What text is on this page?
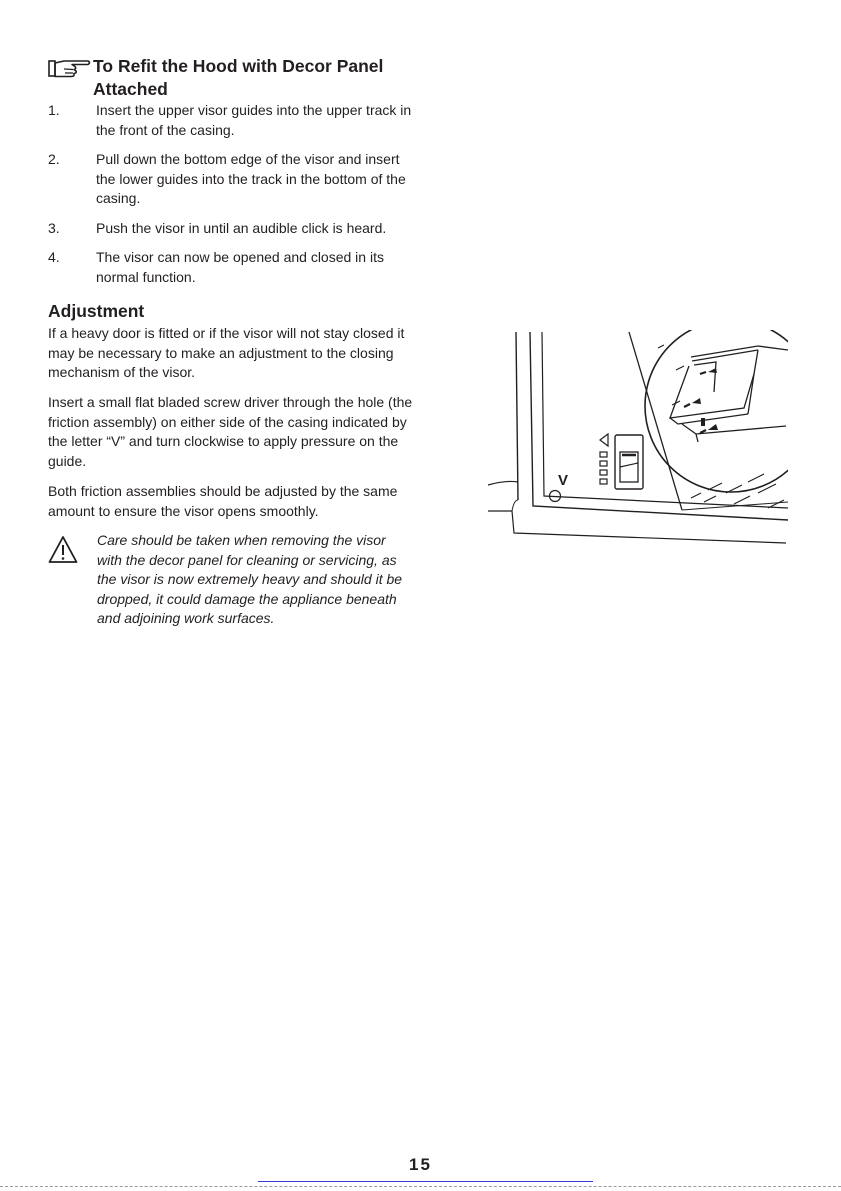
To Refit the Hood with Decor Panel
Attached
1.	Insert the upper visor guides into the upper track in the front of the casing.
2.	Pull down the bottom edge of the visor and insert the lower guides into the track in the bottom of the casing.
3.	Push the visor in until an audible click is heard.
4.	The visor can now be opened and closed in its normal function.
Adjustment

If a heavy door is fitted or if the visor will not stay closed it may be necessary to make an adjustment to the closing mechanism of the visor.

Insert a small flat bladed screw driver through the hole (the friction assembly) on either side of the casing indicated by the letter “V” and turn clockwise to apply pressure on the guide.

Both friction assemblies should be adjusted by the same amount to ensure the visor opens smoothly.

Care should be taken when removing the visor with the decor panel for cleaning or servicing, as the visor is now extremely heavy and should it be dropped, it could damage the appliance beneath and adjoining work surfaces.

V
15
